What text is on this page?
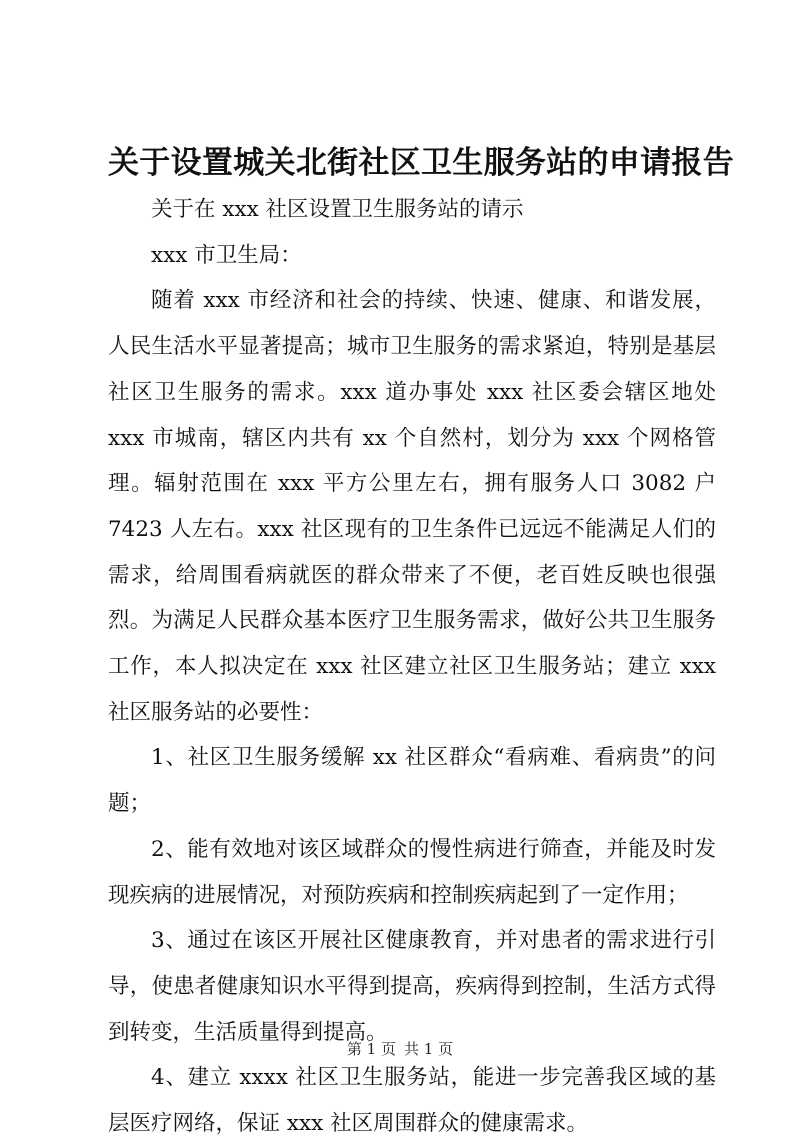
关于设置城关北街社区卫生服务站的申请报告

关于在 xxx 社区设置卫生服务站的请示

xxx 市卫生局：

随着 xxx 市经济和社会的持续、快速、健康、和谐发展，人民生活水平显著提高；城市卫生服务的需求紧迫，特别是基层社区卫生服务的需求。xxx 道办事处 xxx 社区委会辖区地处 xxx 市城南，辖区内共有 xx 个自然村，划分为 xxx 个网格管理。辐射范围在 xxx 平方公里左右，拥有服务人口 3082 户 7423 人左右。xxx 社区现有的卫生条件已远远不能满足人们的需求，给周围看病就医的群众带来了不便，老百姓反映也很强烈。为满足人民群众基本医疗卫生服务需求，做好公共卫生服务工作，本人拟决定在 xxx 社区建立社区卫生服务站；建立 xxx 社区服务站的必要性：

1、社区卫生服务缓解 xx 社区群众“看病难、看病贵”的问题；

2、能有效地对该区域群众的慢性病进行筛查，并能及时发现疾病的进展情况，对预防疾病和控制疾病起到了一定作用；

3、通过在该区开展社区健康教育，并对患者的需求进行引导，使患者健康知识水平得到提高，疾病得到控制，生活方式得到转变，生活质量得到提高。

4、建立 xxxx 社区卫生服务站，能进一步完善我区域的基层医疗网络，保证 xxx 社区周围群众的健康需求。

第 1 页 共 1 页
